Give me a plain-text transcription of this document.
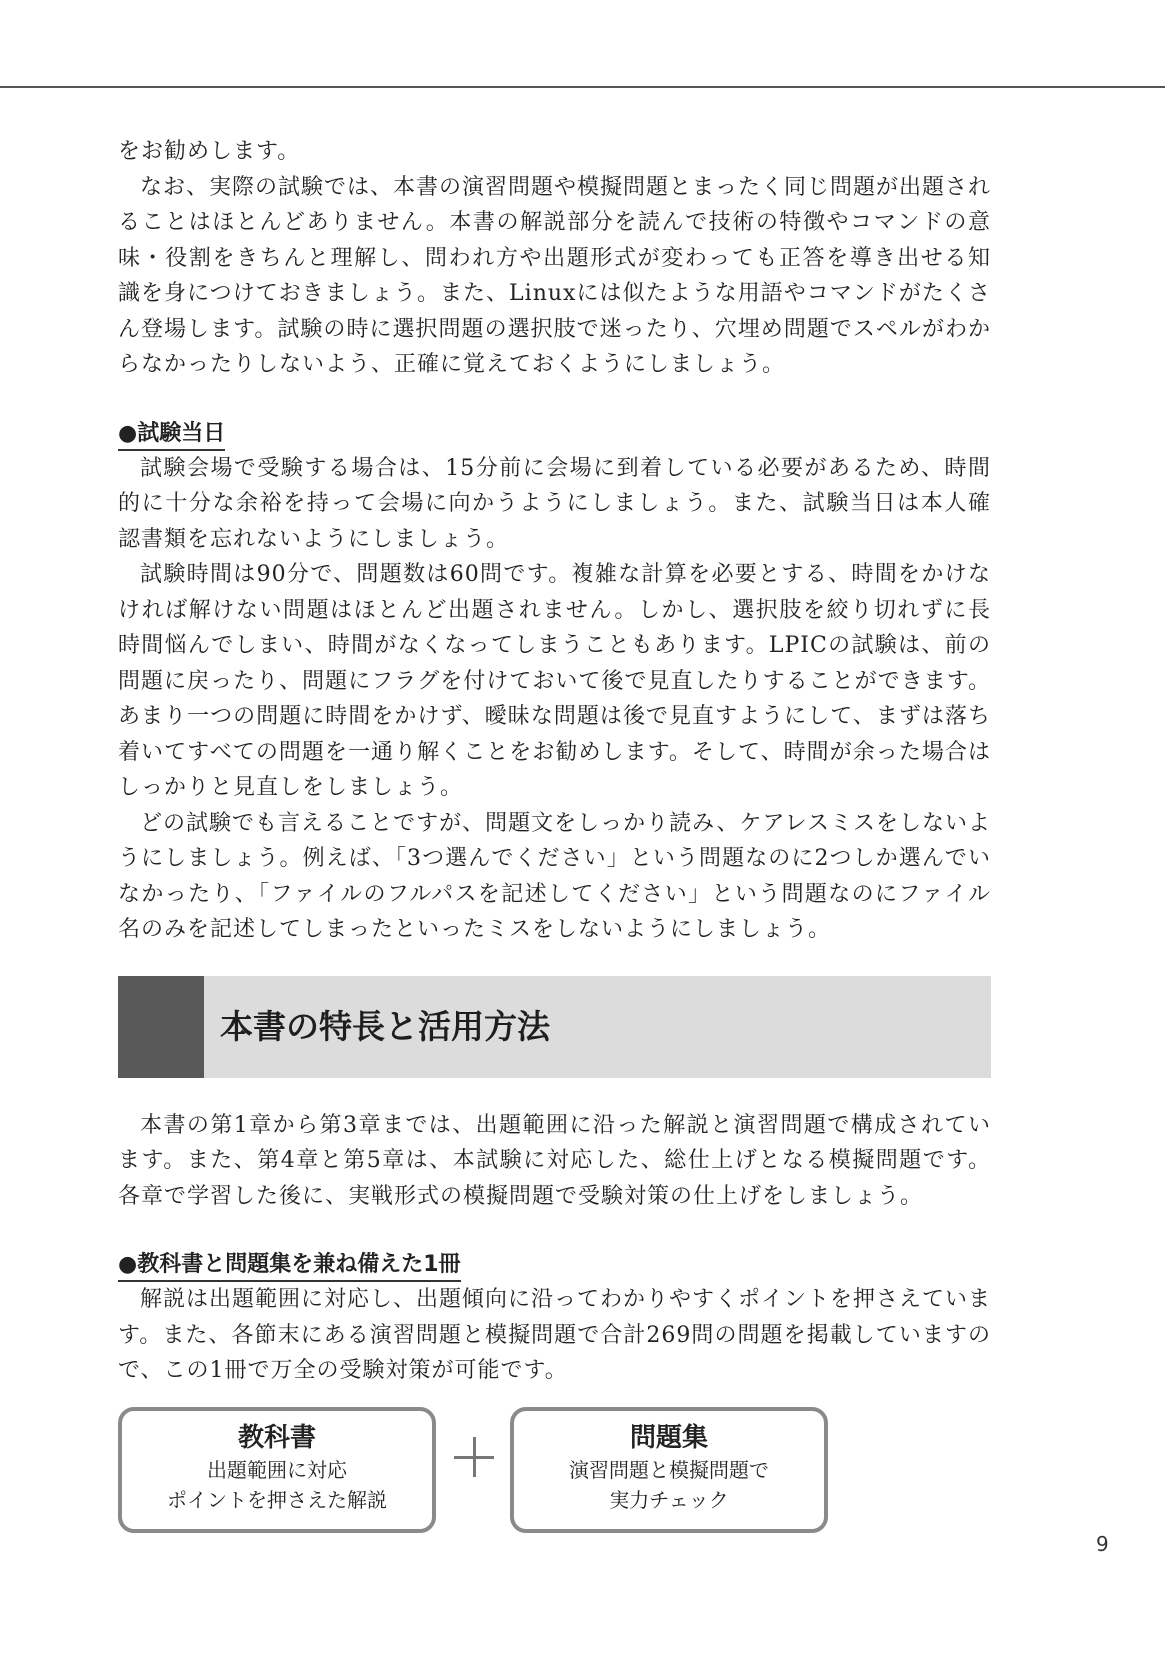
をお勧めします。

なお、実際の試験では、本書の演習問題や模擬問題とまったく同じ問題が出題されることはほとんどありません。本書の解説部分を読んで技術の特徴やコマンドの意味・役割をきちんと理解し、問われ方や出題形式が変わっても正答を導き出せる知識を身につけておきましょう。また、Linuxには似たような用語やコマンドがたくさん登場します。試験の時に選択問題の選択肢で迷ったり、穴埋め問題でスペルがわからなかったりしないよう、正確に覚えておくようにしましょう。

●試験当日

試験会場で受験する場合は、15分前に会場に到着している必要があるため、時間的に十分な余裕を持って会場に向かうようにしましょう。また、試験当日は本人確認書類を忘れないようにしましょう。

試験時間は90分で、問題数は60問です。複雑な計算を必要とする、時間をかけなければ解けない問題はほとんど出題されません。しかし、選択肢を絞り切れずに長時間悩んでしまい、時間がなくなってしまうこともあります。LPICの試験は、前の問題に戻ったり、問題にフラグを付けておいて後で見直したりすることができます。あまり一つの問題に時間をかけず、曖昧な問題は後で見直すようにして、まずは落ち着いてすべての問題を一通り解くことをお勧めします。そして、時間が余った場合はしっかりと見直しをしましょう。

どの試験でも言えることですが、問題文をしっかり読み、ケアレスミスをしないようにしましょう。例えば、「3つ選んでください」という問題なのに2つしか選んでいなかったり、「ファイルのフルパスを記述してください」という問題なのにファイル名のみを記述してしまったといったミスをしないようにしましょう。

本書の特長と活用方法

本書の第1章から第3章までは、出題範囲に沿った解説と演習問題で構成されています。また、第4章と第5章は、本試験に対応した、総仕上げとなる模擬問題です。各章で学習した後に、実戦形式の模擬問題で受験対策の仕上げをしましょう。

●教科書と問題集を兼ね備えた1冊

解説は出題範囲に対応し、出題傾向に沿ってわかりやすくポイントを押さえています。また、各節末にある演習問題と模擬問題で合計269問の問題を掲載していますので、この1冊で万全の受験対策が可能です。

教科書
出題範囲に対応
ポイントを押さえた解説
問題集
演習問題と模擬問題で
実力チェック
9
